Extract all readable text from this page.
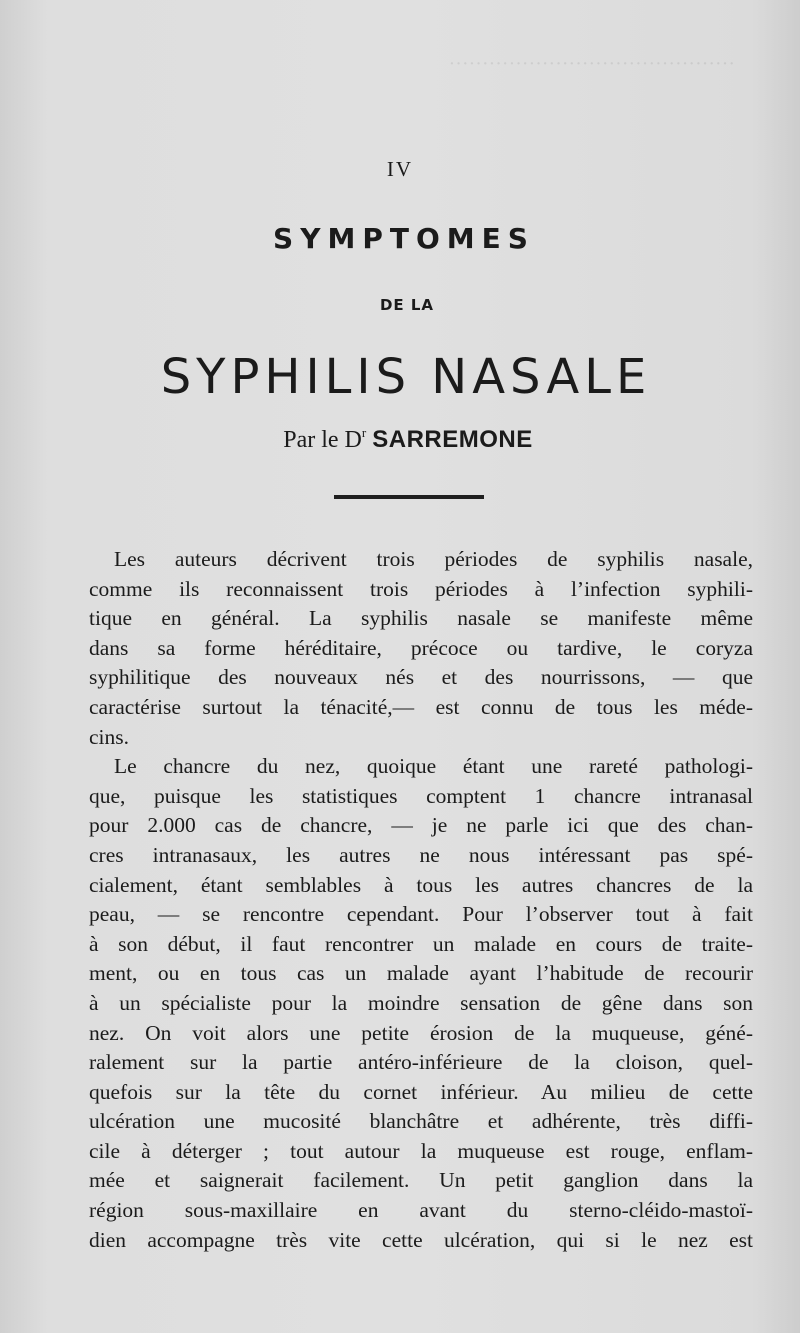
···········································
IV
SYMPTOMES
DE LA
SYPHILIS NASALE
Par le $D^r$ SARREMONE
Les auteurs décrivent trois périodes de syphilis nasale,
comme ils reconnaissent trois périodes à l’infection syphili-
tique en général. La syphilis nasale se manifeste même
dans sa forme héréditaire, précoce ou tardive, le coryza
syphilitique des nouveaux nés et des nourrissons, — que
caractérise surtout la ténacité,— est connu de tous les méde-
cins.
Le chancre du nez, quoique étant une rareté pathologi-
que, puisque les statistiques comptent 1 chancre intranasal
pour 2.000 cas de chancre, — je ne parle ici que des chan-
cres intranasaux, les autres ne nous intéressant pas spé-
cialement, étant semblables à tous les autres chancres de la
peau, — se rencontre cependant. Pour l’observer tout à fait
à son début, il faut rencontrer un malade en cours de traite-
ment, ou en tous cas un malade ayant l’habitude de recourir
à un spécialiste pour la moindre sensation de gêne dans son
nez. On voit alors une petite érosion de la muqueuse, géné-
ralement sur la partie antéro-inférieure de la cloison, quel-
quefois sur la tête du cornet inférieur. Au milieu de cette
ulcération une mucosité blanchâtre et adhérente, très diffi-
cile à déterger ; tout autour la muqueuse est rouge, enflam-
mée et saignerait facilement. Un petit ganglion dans la
région sous-maxillaire en avant du sterno-cléido-mastoï-
dien accompagne très vite cette ulcération, qui si le nez est
